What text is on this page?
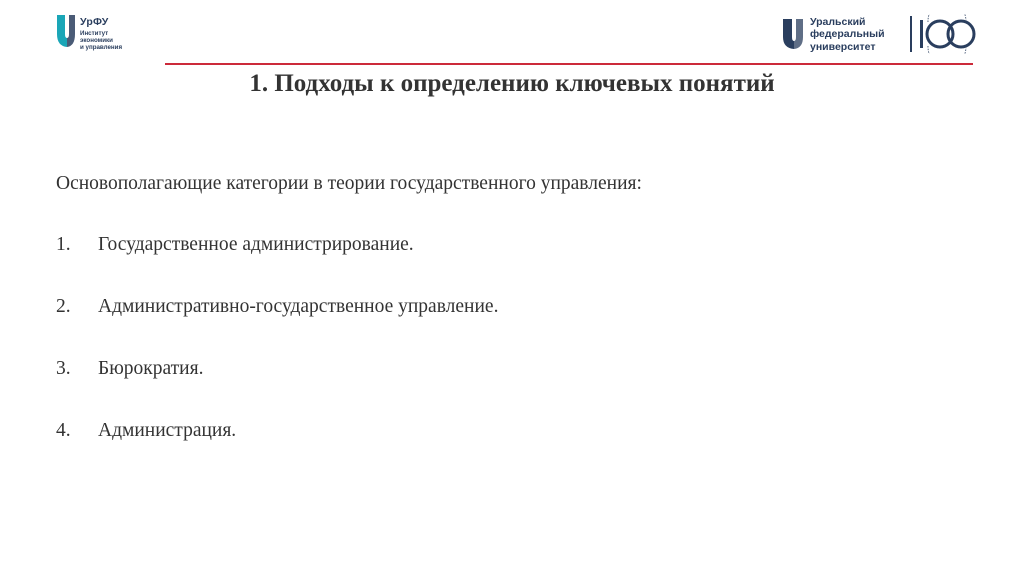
УрФУ
Институт
экономики
и управления
Уральский
федеральный
университет
1. Подходы к определению ключевых понятий
Основополагающие категории в теории государственного управления:
1. Государственное администрирование.
2. Административно-государственное управление.
3. Бюрократия.
4. Администрация.
